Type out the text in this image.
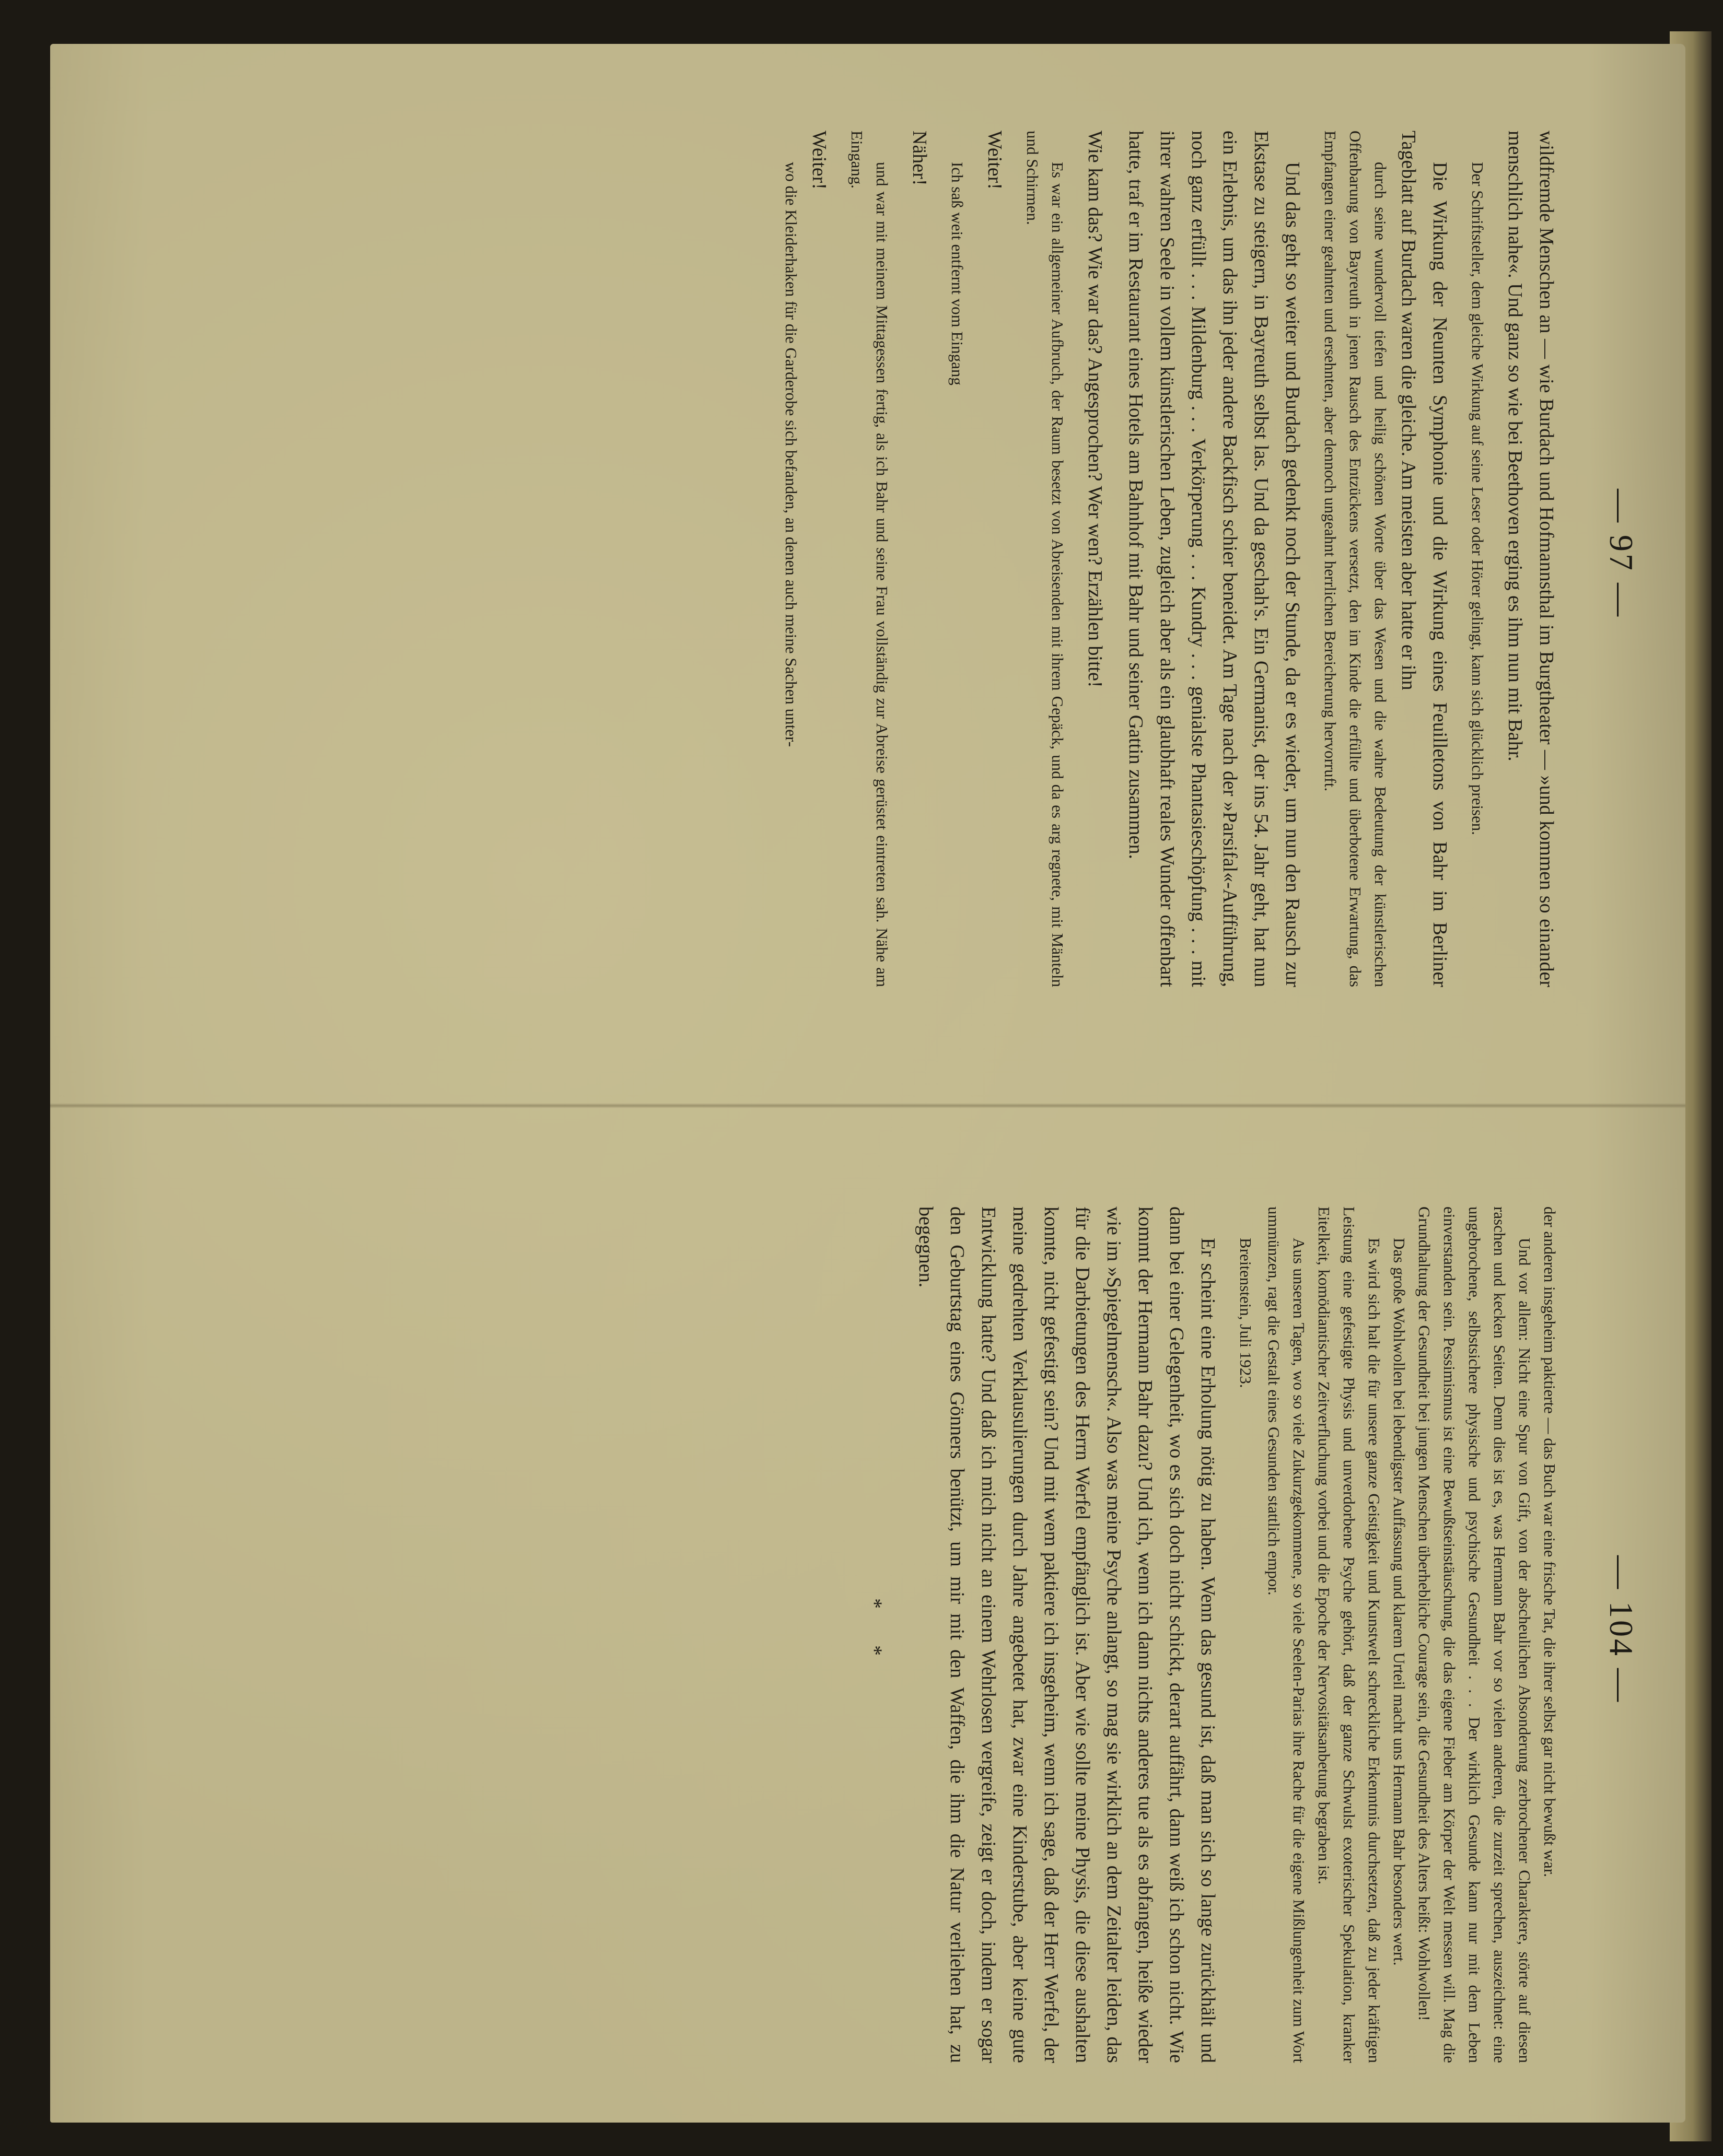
— 97 —

wildfremde Menschen an — wie Burdach und Hofmannsthal im Burgtheater — »und kommen so einander menschlich nahe«. Und ganz so wie bei Beethoven erging es ihm nun mit Bahr.

Der Schriftsteller, dem gleiche Wirkung auf seine Leser oder Hörer gelingt, kann sich glücklich preisen.

Die Wirkung der Neunten Symphonie und die Wirkung eines Feuilletons von Bahr im Berliner Tageblatt auf Burdach waren die gleiche. Am meisten aber hatte er ihn

durch seine wundervoll tiefen und heilig schönen Worte über das Wesen und die wahre Bedeutung der künstlerischen Offenbarung von Bayreuth in jenen Rausch des Entzückens versetzt, den im Kinde die erfüllte und überbotene Erwartung, das Empfangen einer geahnten und ersehnten, aber dennoch ungeahnt herrlichen Bereicherung hervorruft.

Und das geht so weiter und Burdach gedenkt noch der Stunde, da er es wieder, um nun den Rausch zur Ekstase zu steigern, in Bayreuth selbst las. Und da geschah's. Ein Germanist, der ins 54. Jahr geht, hat nun ein Erlebnis, um das ihn jeder andere Backfisch schier beneidet. Am Tage nach der »Parsifal«-Aufführung, noch ganz erfüllt . . . Mildenburg . . . Verkörperung . . . Kundry . . . genialste Phantasieschöpfung . . . mit ihrer wahren Seele in vollem künstlerischen Leben, zugleich aber als ein glaubhaft reales Wunder offenbart hatte, traf er im Restaurant eines Hotels am Bahnhof mit Bahr und seiner Gattin zusammen.

Wie kam das? Wie war das? Angesprochen? Wer wen? Erzählen bitte!

Es war ein allgemeiner Aufbruch, der Raum besetzt von Abreisenden mit ihrem Gepäck, und da es arg regnete, mit Mänteln und Schirmen.

Weiter!

Ich saß weit entfernt vom Eingang

Näher!

und war mit meinem Mittagessen fertig, als ich Bahr und seine Frau vollständig zur Abreise gerüstet eintreten sah. Nähe am Eingang.

Weiter!

wo die Kleiderhaken für die Garderobe sich befanden, an denen auch meine Sachen unter-

— 104 —

der anderen insgeheim paktierte — das Buch war eine frische Tat, die ihrer selbst gar nicht bewußt war.

Und vor allem: Nicht eine Spur von Gift, von der abscheulichen Absonderung zerbrochener Charaktere, störte auf diesen raschen und kecken Seiten. Denn dies ist es, was Hermann Bahr vor so vielen anderen, die zurzeit sprechen, auszeichnet: eine ungebrochene, selbstsichere physische und psychische Gesundheit . . . Der wirklich Gesunde kann nur mit dem Leben einverstanden sein. Pessimismus ist eine Bewußtseinstäuschung, die das eigene Fieber am Körper der Welt messen will. Mag die Grundhaltung der Gesundheit bei jungen Menschen überhebliche Courage sein, die Gesundheit des Alters heißt: Wohlwollen!

Das große Wohlwollen bei lebendigster Auffassung und klarem Urteil macht uns Hermann Bahr besonders wert.

Es wird sich halt die für unsere ganze Geistigkeit und Kunstwelt schreckliche Erkenntnis durchsetzen, daß zu jeder kräftigen Leistung eine gefestigte Physis und unverdorbene Psyche gehört, daß der ganze Schwulst exoterischer Spekulation, kranker Eitelkeit, komödiantischer Zeitverfluchung vorbei und die Epoche der Nervositätsanbetung begraben ist.

Aus unseren Tagen, wo so viele Zukurzgekommene, so viele Seelen-Parias ihre Rache für die eigene Mißlungenheit zum Wort ummünzen, ragt die Gestalt eines Gesunden stattlich empor.

Breitenstein, Juli 1923.

Er scheint eine Erholung nötig zu haben. Wenn das gesund ist, daß man sich so lange zurückhält und dann bei einer Gelegenheit, wo es sich doch nicht schickt, derart auffährt, dann weiß ich schon nicht. Wie kommt der Hermann Bahr dazu? Und ich, wenn ich dann nichts anderes tue als es abfangen, heiße wieder wie im »Spiegelmensch«. Also was meine Psyche anlangt, so mag sie wirklich an dem Zeitalter leiden, das für die Darbietungen des Herrn Werfel empfänglich ist. Aber wie sollte meine Physis, die diese aushalten konnte, nicht gefestigt sein? Und mit wem paktiere ich insgeheim, wenn ich sage, daß der Herr Werfel, der meine gedrehten Verklausulierungen durch Jahre angebetet hat, zwar eine Kinderstube, aber keine gute Entwicklung hatte? Und daß ich mich nicht an einem Wehrlosen vergreife, zeigt er doch, indem er sogar den Geburtstag eines Gönners benützt, um mir mit den Waffen, die ihm die Natur verliehen hat, zu begegnen.

* *
